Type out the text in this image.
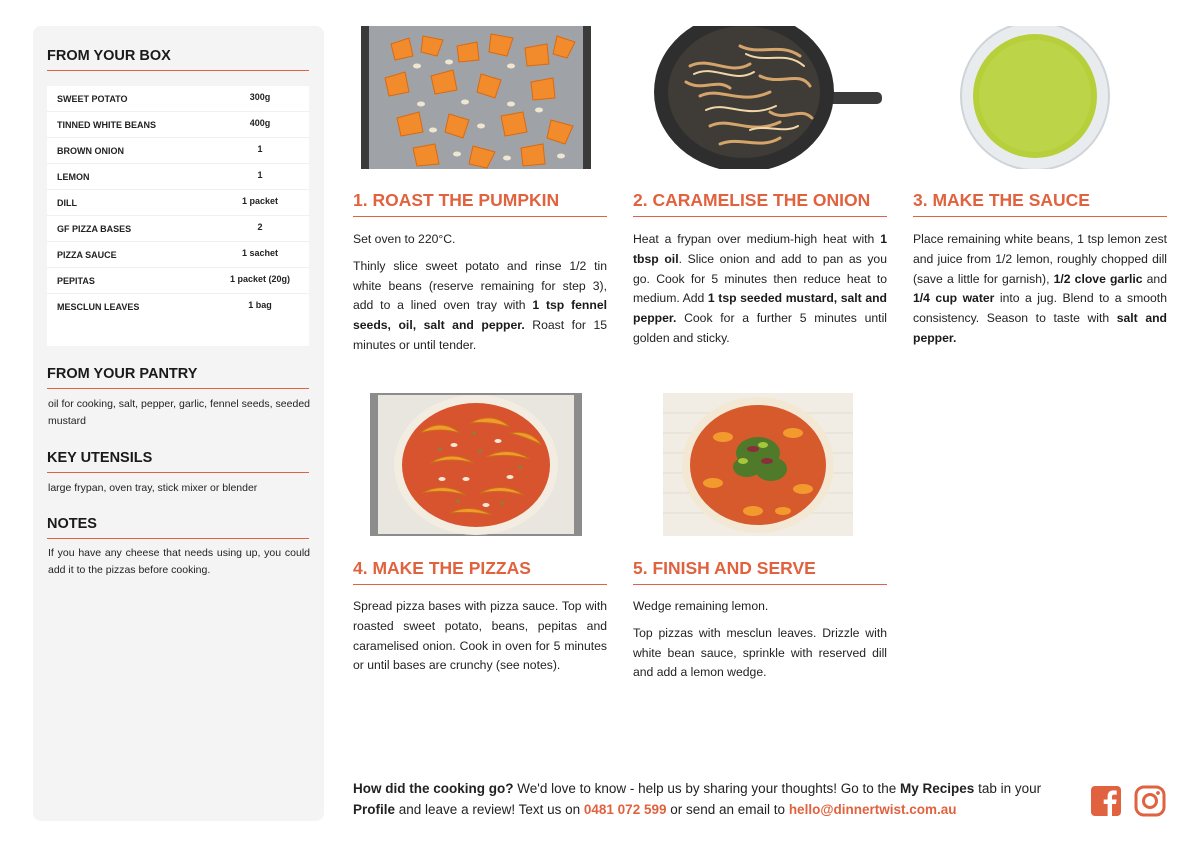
FROM YOUR BOX
SWEET POTATO	300g
TINNED WHITE BEANS	400g
BROWN ONION	1
LEMON	1
DILL	1 packet
GF PIZZA BASES	2
PIZZA SAUCE	1 sachet
PEPITAS	1 packet (20g)
MESCLUN LEAVES	1 bag
FROM YOUR PANTRY
oil for cooking, salt, pepper, garlic, fennel seeds, seeded mustard
KEY UTENSILS
large frypan, oven tray, stick mixer or blender
NOTES
If you have any cheese that needs using up, you could add it to the pizzas before cooking.
1. ROAST THE PUMPKIN

Set oven to 220°C.

Thinly slice sweet potato and rinse 1/2 tin white beans (reserve remaining for step 3), add to a lined oven tray with 1 tsp fennel seeds, oil, salt and pepper. Roast for 15 minutes or until tender.

2. CARAMELISE THE ONION

Heat a frypan over medium-high heat with 1 tbsp oil. Slice onion and add to pan as you go. Cook for 5 minutes then reduce heat to medium. Add 1 tsp seeded mustard, salt and pepper. Cook for a further 5 minutes until golden and sticky.

3. MAKE THE SAUCE

Place remaining white beans, 1 tsp lemon zest and juice from 1/2 lemon, roughly chopped dill (save a little for garnish), 1/2 clove garlic and 1/4 cup water into a jug. Blend to a smooth consistency. Season to taste with salt and pepper.

4. MAKE THE PIZZAS

Spread pizza bases with pizza sauce. Top with roasted sweet potato, beans, pepitas and caramelised onion. Cook in oven for 5 minutes or until bases are crunchy (see notes).

5. FINISH AND SERVE

Wedge remaining lemon.

Top pizzas with mesclun leaves. Drizzle with white bean sauce, sprinkle with reserved dill and add a lemon wedge.

How did the cooking go? We'd love to know - help us by sharing your thoughts! Go to the My Recipes tab in your Profile and leave a review! Text us on 0481 072 599 or send an email to hello@dinnertwist.com.au
